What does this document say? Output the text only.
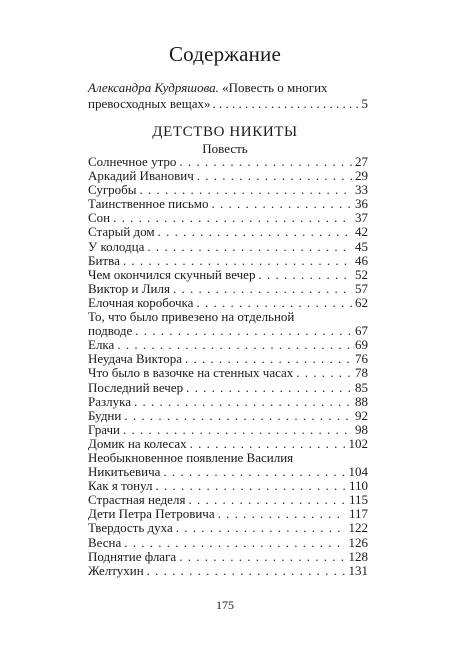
Содержание
Александра Кудряшова. «Повесть о многих
превосходных вещах» . . .	5
ДЕТСТВО НИКИТЫ
Повесть
Солнечное утро . . .	27
Аркадий Иванович . . .	29
Сугробы . . .	33
Таинственное письмо . . .	36
Сон . . .	37
Старый дом . . .	42
У колодца . . .	45
Битва . . .	46
Чем окончился скучный вечер . . .	52
Виктор и Лиля . . .	57
Елочная коробочка . . .	62
То, что было привезено на отдельной
подводе . . .	67
Елка . . .	69
Неудача Виктора . . .	76
Что было в вазочке на стенных часах . . .	78
Последний вечер . . .	85
Разлука . . .	88
Будни . . .	92
Грачи . . .	98
Домик на колесах . . .	102
Необыкновенное появление Василия
Никитьевича . . .	104
Как я тонул . . .	110
Страстная неделя . . .	115
Дети Петра Петровича . . .	117
Твердость духа . . .	122
Весна . . .	126
Поднятие флага . . .	128
Желтухин . . .	131
175
